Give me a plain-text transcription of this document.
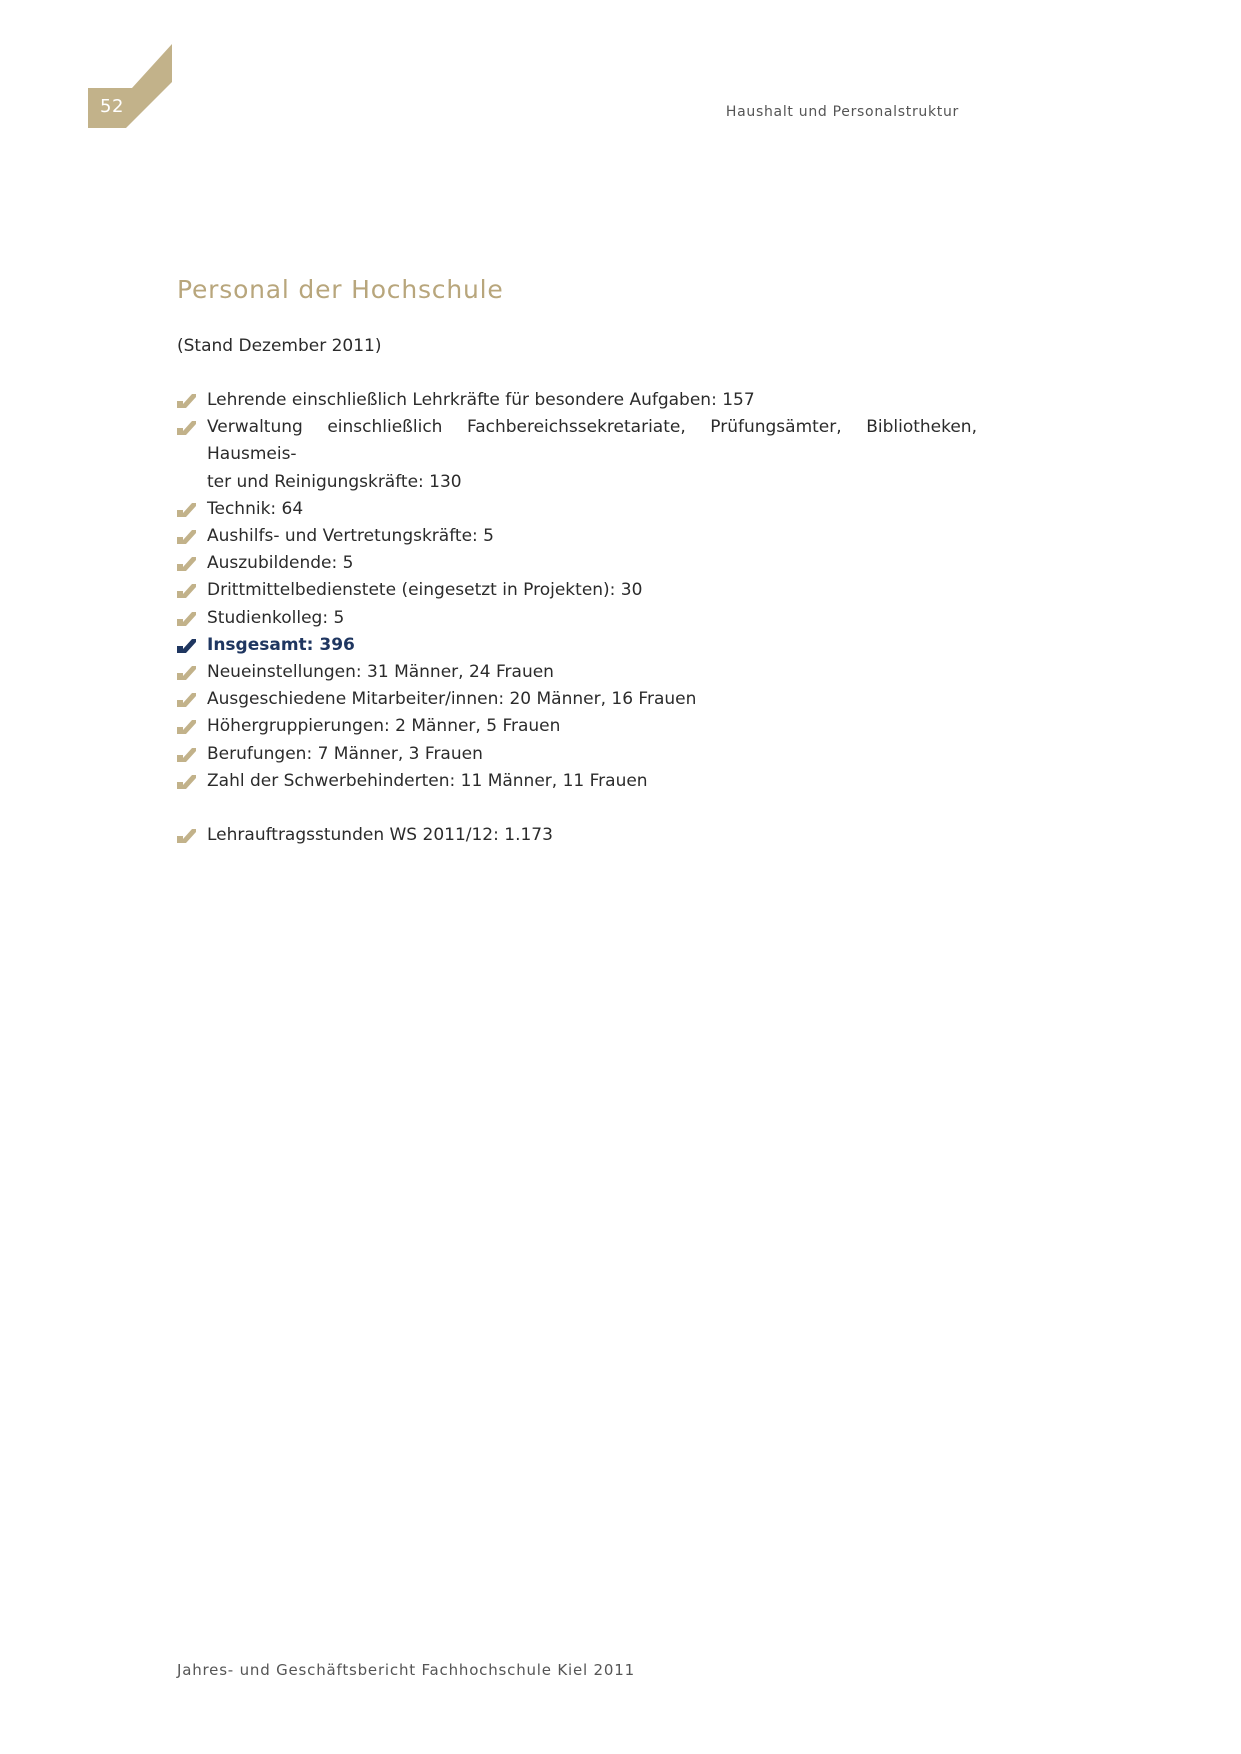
52	Haushalt und Personalstruktur
Personal der Hochschule

(Stand Dezember 2011)

Lehrende einschließlich Lehrkräfte für besondere Aufgaben: 157
Verwaltung einschließlich Fachbereichssekretariate, Prüfungsämter, Bibliotheken, Hausmeis-
ter und Reinigungskräfte: 130
Technik: 64
Aushilfs- und Vertretungskräfte: 5
Auszubildende: 5
Drittmittelbedienstete (eingesetzt in Projekten): 30
Studienkolleg: 5
Insgesamt: 396
Neueinstellungen: 31 Männer, 24 Frauen
Ausgeschiedene Mitarbeiter/innen: 20 Männer, 16 Frauen
Höhergruppierungen: 2 Männer, 5 Frauen
Berufungen: 7 Männer, 3 Frauen
Zahl der Schwerbehinderten: 11 Männer, 11 Frauen
Lehrauftragsstunden WS 2011/12: 1.173

Jahres- und Geschäftsbericht Fachhochschule Kiel 2011
